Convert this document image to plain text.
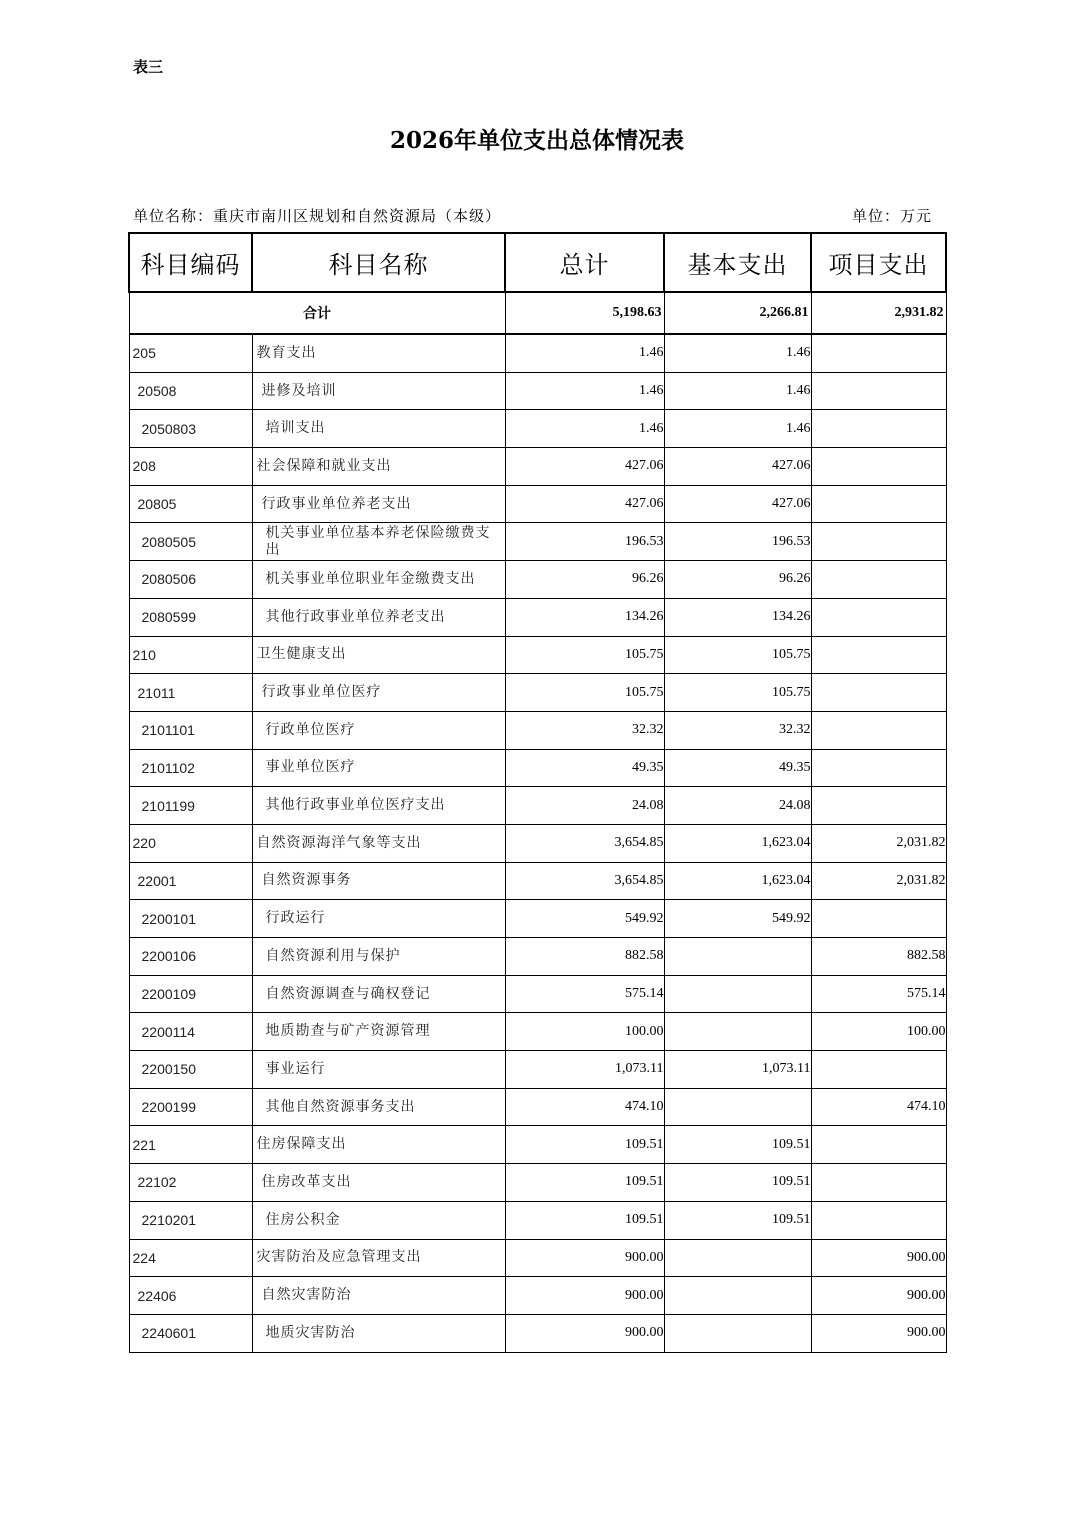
表三
2026年单位支出总体情况表
单位名称：重庆市南川区规划和自然资源局（本级）	单位：万元
科目编码	科目名称	总计	基本支出	项目支出
合计		5,198.63	2,266.81	2,931.82
205	教育支出	1.46	1.46	
20508	进修及培训	1.46	1.46	
2050803	培训支出	1.46	1.46	
208	社会保障和就业支出	427.06	427.06	
20805	行政事业单位养老支出	427.06	427.06	
2080505	机关事业单位基本养老保险缴费支出	196.53	196.53	
2080506	机关事业单位职业年金缴费支出	96.26	96.26	
2080599	其他行政事业单位养老支出	134.26	134.26	
210	卫生健康支出	105.75	105.75	
21011	行政事业单位医疗	105.75	105.75	
2101101	行政单位医疗	32.32	32.32	
2101102	事业单位医疗	49.35	49.35	
2101199	其他行政事业单位医疗支出	24.08	24.08	
220	自然资源海洋气象等支出	3,654.85	1,623.04	2,031.82
22001	自然资源事务	3,654.85	1,623.04	2,031.82
2200101	行政运行	549.92	549.92	
2200106	自然资源利用与保护	882.58		882.58
2200109	自然资源调查与确权登记	575.14		575.14
2200114	地质勘查与矿产资源管理	100.00		100.00
2200150	事业运行	1,073.11	1,073.11	
2200199	其他自然资源事务支出	474.10		474.10
221	住房保障支出	109.51	109.51	
22102	住房改革支出	109.51	109.51	
2210201	住房公积金	109.51	109.51	
224	灾害防治及应急管理支出	900.00		900.00
22406	自然灾害防治	900.00		900.00
2240601	地质灾害防治	900.00		900.00
